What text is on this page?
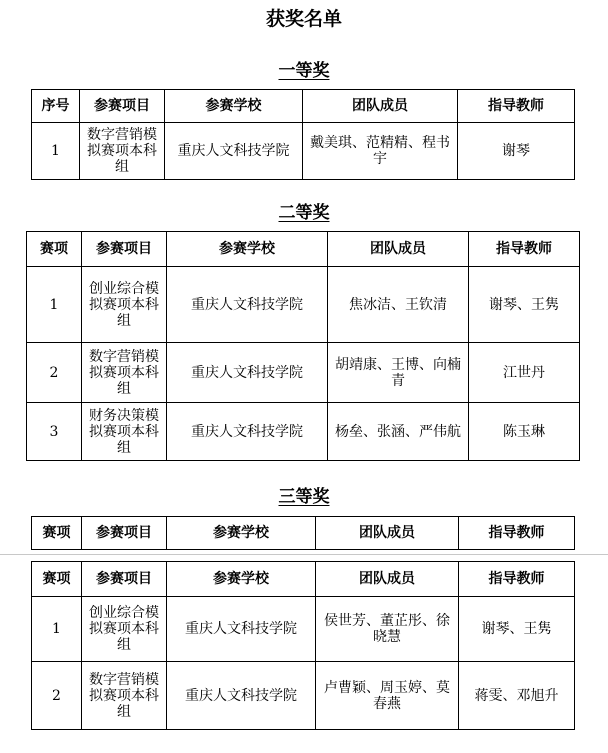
获奖名单
一等奖
序号	参赛项目	参赛学校	团队成员	指导教师
1	数字营销模拟赛项本科组	重庆人文科技学院	戴美琪、范精精、程书宇	谢琴
二等奖
赛项	参赛项目	参赛学校	团队成员	指导教师
1	创业综合模拟赛项本科组	重庆人文科技学院	焦冰洁、王钦清	谢琴、王隽
2	数字营销模拟赛项本科组	重庆人文科技学院	胡靖康、王博、向楠青	江世丹
3	财务决策模拟赛项本科组	重庆人文科技学院	杨垒、张涵、严伟航	陈玉琳
三等奖
赛项	参赛项目	参赛学校	团队成员	指导教师
赛项	参赛项目	参赛学校	团队成员	指导教师
1	创业综合模拟赛项本科组	重庆人文科技学院	侯世芳、董芷彤、徐晓慧	谢琴、王隽
2	数字营销模拟赛项本科组	重庆人文科技学院	卢曹颖、周玉婷、莫春燕	蒋雯、邓旭升
